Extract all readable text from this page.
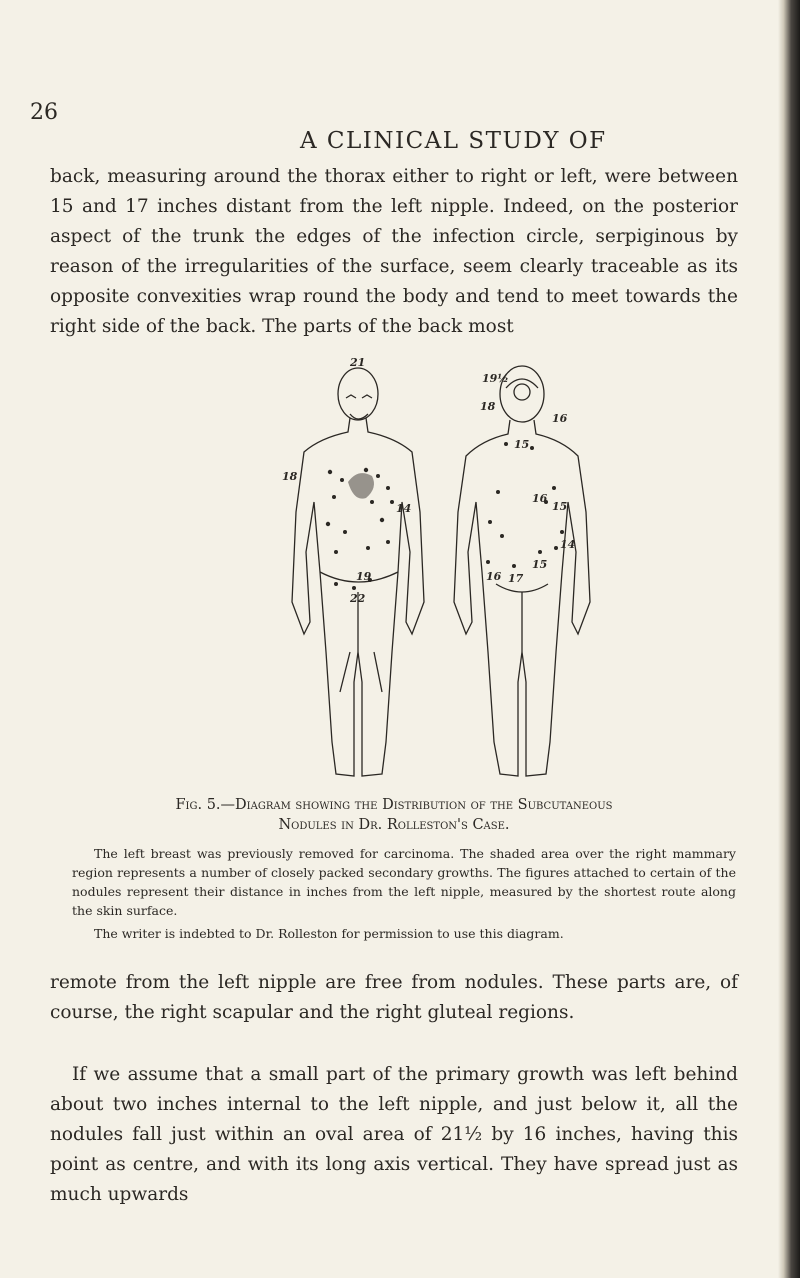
26
A CLINICAL STUDY OF

back, measuring around the thorax either to right or left, were between 15 and 17 inches distant from the left nipple. Indeed, on the posterior aspect of the trunk the edges of the infection circle, serpiginous by reason of the irregularities of the surface, seem clearly traceable as its opposite convexities wrap round the body and tend to meet towards the right side of the back. The parts of the back most

21
18
14
19
22
19½
18
16
15
16
15
14
16 17
15

Fig. 5.—Diagram showing the Distribution of the Subcutaneous
Nodules in Dr. Rolleston's Case.

The left breast was previously removed for carcinoma. The shaded area over the right mammary region represents a number of closely packed secondary growths. The figures attached to certain of the nodules represent their distance in inches from the left nipple, measured by the shortest route along the skin surface.

The writer is indebted to Dr. Rolleston for permission to use this diagram.

remote from the left nipple are free from nodules. These parts are, of course, the right scapular and the right gluteal regions.

If we assume that a small part of the primary growth was left behind about two inches internal to the left nipple, and just below it, all the nodules fall just within an oval area of 21½ by 16 inches, having this point as centre, and with its long axis vertical. They have spread just as much upwards
